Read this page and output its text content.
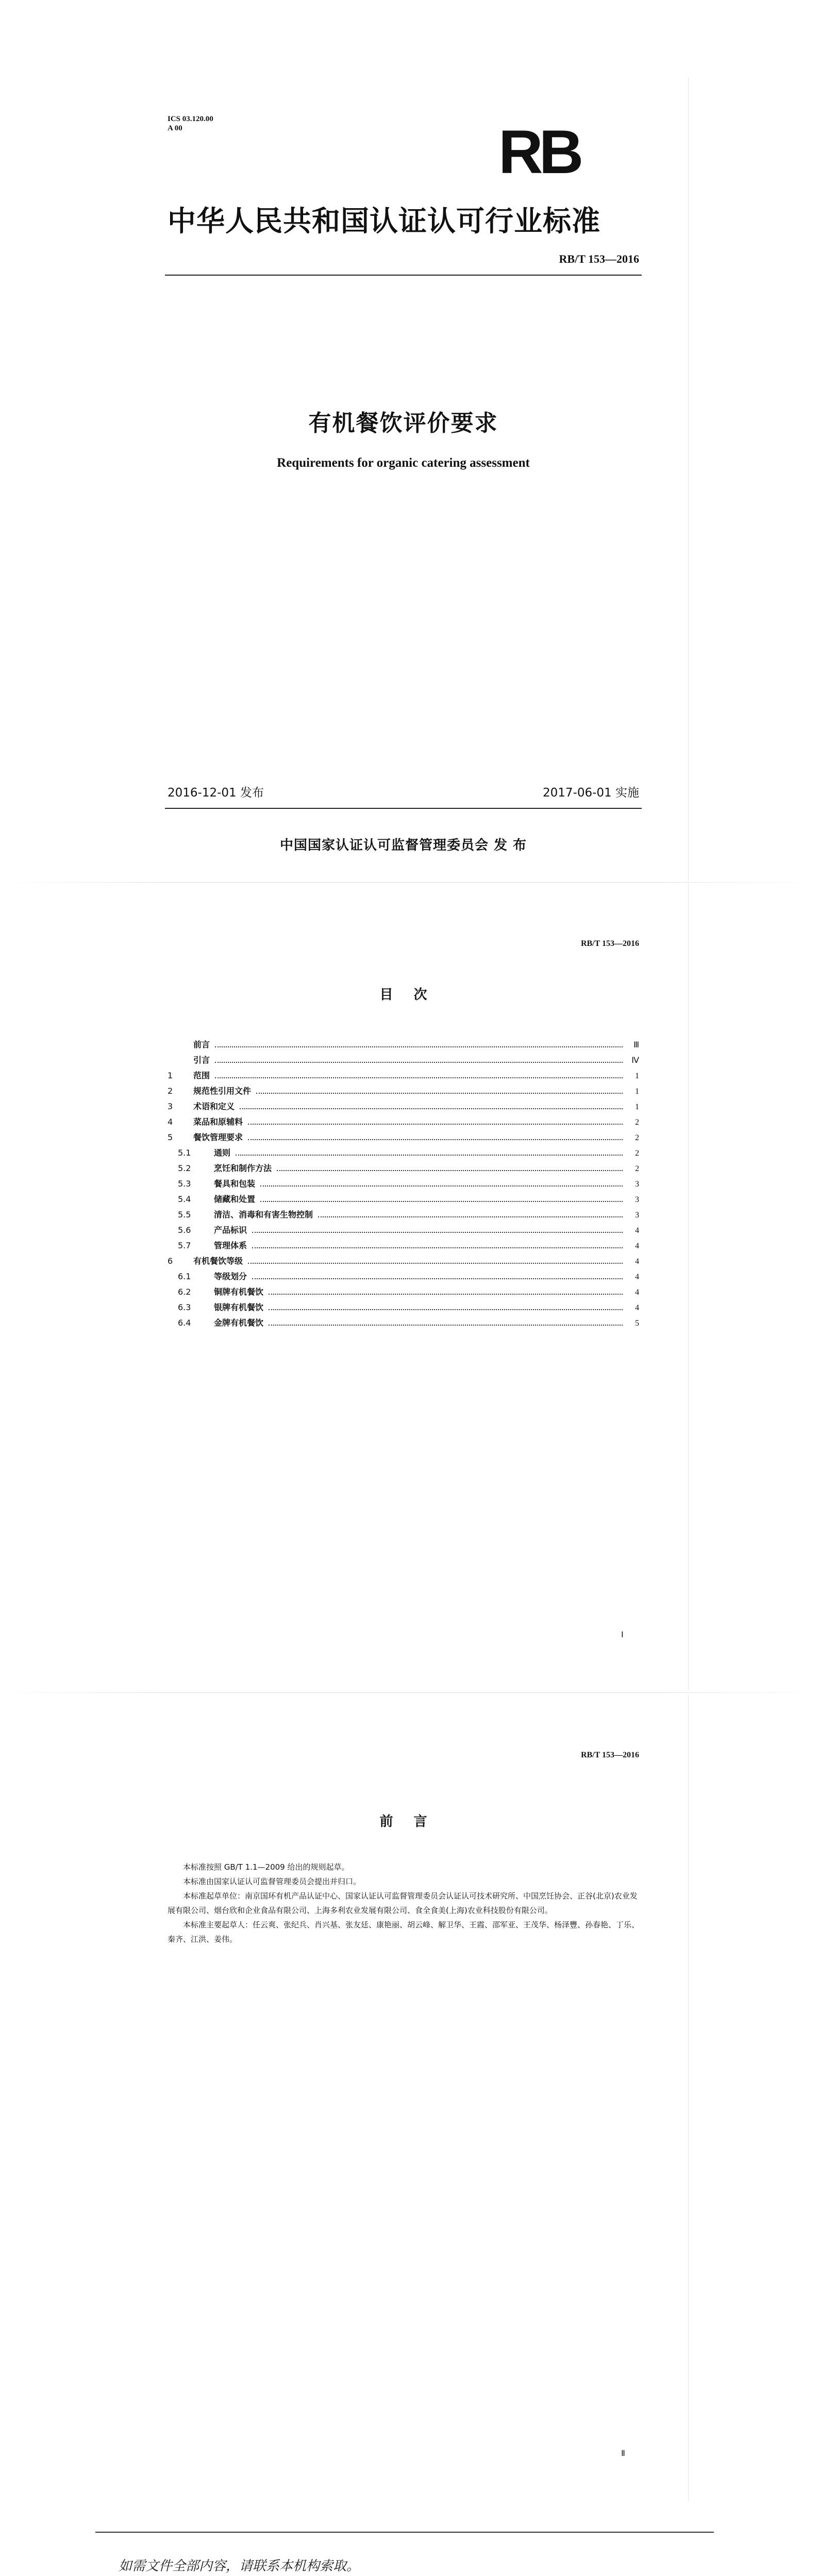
ICS 03.120.00
A 00	RB
中华人民共和国认证认可行业标准
RB/T 153—2016
有机餐饮评价要求
Requirements for organic catering assessment
2016-12-01 发布	2017-06-01 实施
中国国家认证认可监督管理委员会 发 布
RB/T 153—2016
目次
前言	Ⅲ
引言	Ⅳ
1	范围	1
2	规范性引用文件	1
3	术语和定义	1
4	菜品和原辅料	2
5	餐饮管理要求	2
5.1	通则	2
5.2	烹饪和制作方法	2
5.3	餐具和包装	3
5.4	储藏和处置	3
5.5	清洁、消毒和有害生物控制	3
5.6	产品标识	4
5.7	管理体系	4
6	有机餐饮等级	4
6.1	等级划分	4
6.2	铜牌有机餐饮	4
6.3	银牌有机餐饮	4
6.4	金牌有机餐饮	5
Ⅰ
RB/T 153—2016
前言

本标准按照 GB/T 1.1—2009 给出的规则起草。

本标准由国家认证认可监督管理委员会提出并归口。

本标准起草单位：南京国环有机产品认证中心、国家认证认可监督管理委员会认证认可技术研究所、中国烹饪协会、正谷(北京)农业发展有限公司、烟台欣和企业食品有限公司、上海多利农业发展有限公司、食全食美(上海)农业科技股份有限公司。

本标准主要起草人：任云爽、张纪兵、肖兴基、张友廷、康艳丽、胡云峰、解卫华、王霞、邵军亚、王茂华、杨泽豐、孙春艳、丁乐、秦齐、江洪、姜伟。

Ⅱ
如需文件全部内容，请联系本机构索取。
